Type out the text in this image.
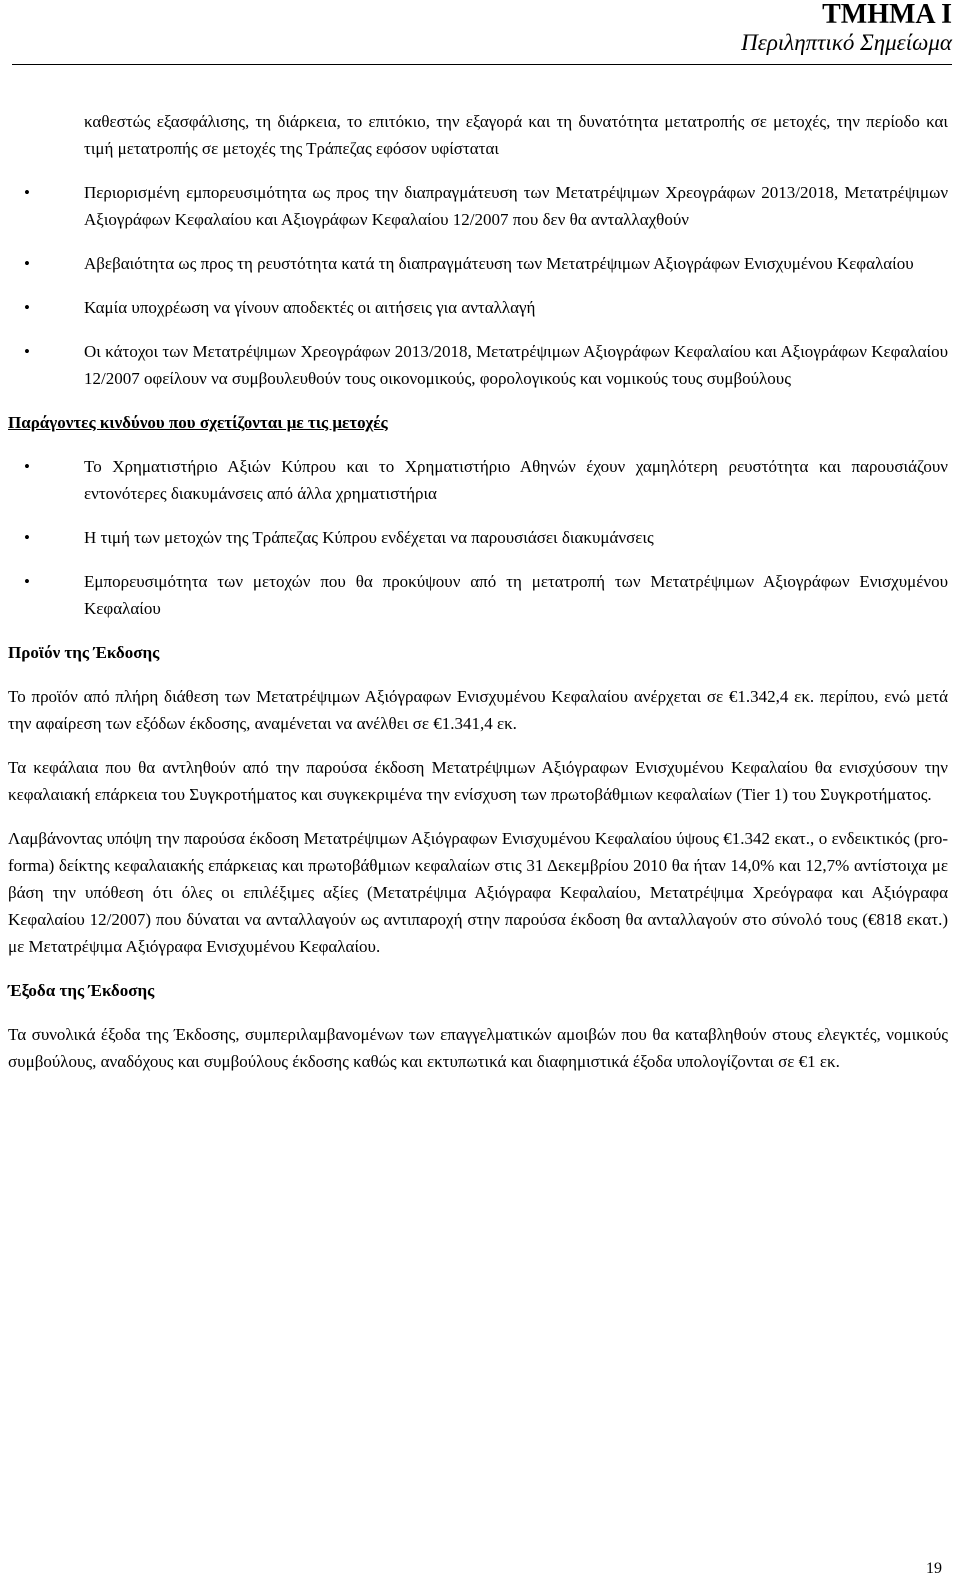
ΤΜΗΜΑ Ι
Περιληπτικό Σημείωμα

καθεστώς εξασφάλισης, τη διάρκεια, το επιτόκιο, την εξαγορά και τη δυνατότητα μετατροπής σε μετοχές, την περίοδο και τιμή μετατροπής σε μετοχές της Τράπεζας εφόσον υφίσταται

•	Περιορισμένη εμπορευσιμότητα ως προς την διαπραγμάτευση των Μετατρέψιμων Χρεογράφων 2013/2018, Μετατρέψιμων Αξιογράφων Κεφαλαίου και Αξιογράφων Κεφαλαίου 12/2007 που δεν θα ανταλλαχθούν
•	Αβεβαιότητα ως προς τη ρευστότητα κατά τη διαπραγμάτευση των Μετατρέψιμων Αξιογράφων Ενισχυμένου Κεφαλαίου
•	Καμία υποχρέωση να γίνουν αποδεκτές οι αιτήσεις για ανταλλαγή
•	Οι κάτοχοι των Μετατρέψιμων Χρεογράφων 2013/2018, Μετατρέψιμων Αξιογράφων Κεφαλαίου και Αξιογράφων Κεφαλαίου 12/2007 οφείλουν να συμβουλευθούν τους οικονομικούς, φορολογικούς και νομικούς τους συμβούλους

Παράγοντες κινδύνου που σχετίζονται με τις μετοχές

•	Το Χρηματιστήριο Αξιών Κύπρου και το Χρηματιστήριο Αθηνών έχουν χαμηλότερη ρευστότητα και παρουσιάζουν εντονότερες διακυμάνσεις από άλλα χρηματιστήρια
•	Η τιμή των μετοχών της Τράπεζας Κύπρου ενδέχεται να παρουσιάσει διακυμάνσεις
•	Εμπορευσιμότητα των μετοχών που θα προκύψουν από τη μετατροπή των Μετατρέψιμων Αξιογράφων Ενισχυμένου Κεφαλαίου

Προϊόν της Έκδοσης

Το προϊόν από πλήρη διάθεση των Μετατρέψιμων Αξιόγραφων Ενισχυμένου Κεφαλαίου ανέρχεται σε €1.342,4 εκ. περίπου, ενώ μετά την αφαίρεση των εξόδων έκδοσης, αναμένεται να ανέλθει σε €1.341,4 εκ.

Τα κεφάλαια που θα αντληθούν από την παρούσα έκδοση Μετατρέψιμων Αξιόγραφων Ενισχυμένου Κεφαλαίου θα ενισχύσουν την κεφαλαιακή επάρκεια του Συγκροτήματος και συγκεκριμένα την ενίσχυση των πρωτοβάθμιων κεφαλαίων (Tier 1) του Συγκροτήματος.

Λαμβάνοντας υπόψη την παρούσα έκδοση Μετατρέψιμων Αξιόγραφων Ενισχυμένου Κεφαλαίου ύψους €1.342 εκατ., ο ενδεικτικός (pro-forma) δείκτης κεφαλαιακής επάρκειας και πρωτοβάθμιων κεφαλαίων στις 31 Δεκεμβρίου 2010 θα ήταν 14,0% και 12,7% αντίστοιχα με βάση την υπόθεση ότι όλες οι επιλέξιμες αξίες (Μετατρέψιμα Αξιόγραφα Κεφαλαίου, Μετατρέψιμα Χρεόγραφα και Αξιόγραφα Κεφαλαίου 12/2007) που δύναται να ανταλλαγούν ως αντιπαροχή στην παρούσα έκδοση θα ανταλλαγούν στο σύνολό τους (€818 εκατ.) με Μετατρέψιμα Αξιόγραφα Ενισχυμένου Κεφαλαίου.

Έξοδα της Έκδοσης

Τα συνολικά έξοδα της Έκδοσης, συμπεριλαμβανομένων των επαγγελματικών αμοιβών που θα καταβληθούν στους ελεγκτές, νομικούς συμβούλους, αναδόχους και συμβούλους έκδοσης καθώς και εκτυπωτικά και διαφημιστικά έξοδα υπολογίζονται σε €1 εκ.

19
